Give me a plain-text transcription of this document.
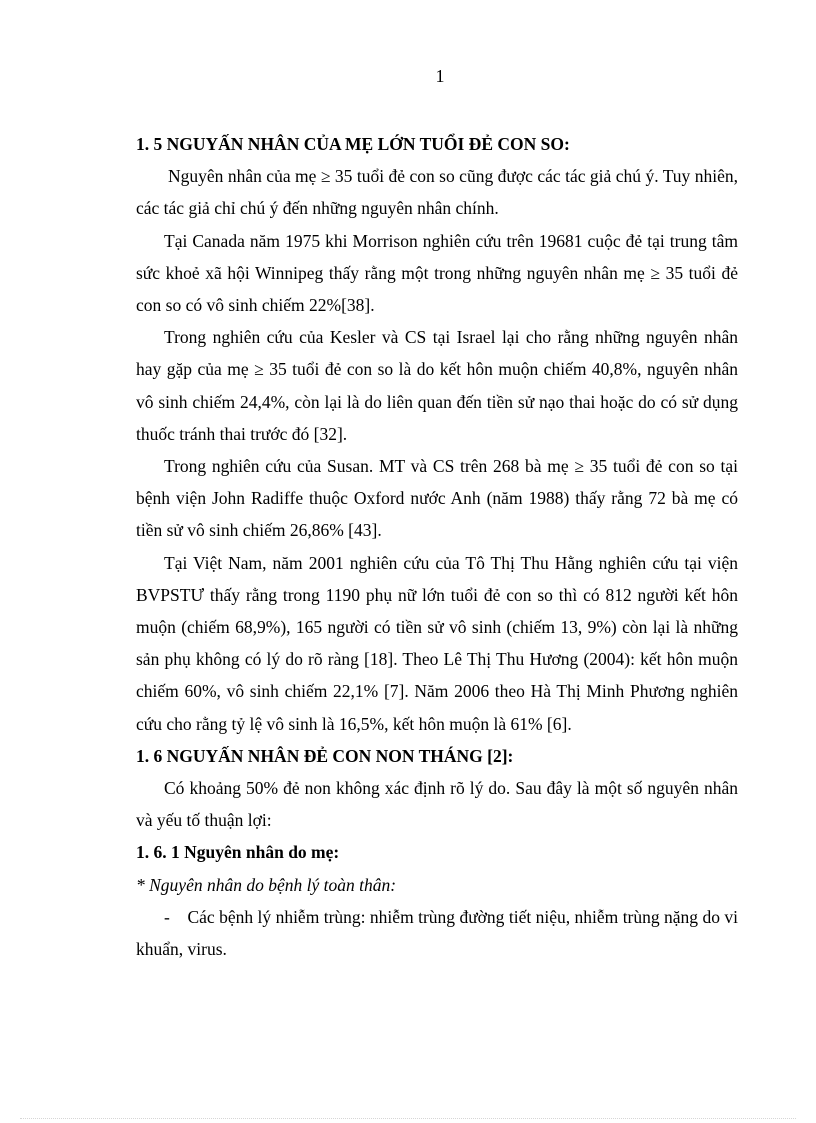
1

1. 5 NGUYẤN NHÂN CỦA MẸ LỚN TUỔI ĐẺ CON SO:

Nguyên nhân của mẹ ≥ 35 tuổi đẻ con so cũng được các tác giả chú ý. Tuy nhiên, các tác giả chỉ chú ý đến những nguyên nhân chính.

Tại Canada năm 1975 khi Morrison nghiên cứu trên 19681 cuộc đẻ tại trung tâm sức khoẻ xã hội Winnipeg thấy rằng một trong những nguyên nhân mẹ ≥ 35 tuổi đẻ con so có vô sinh chiếm 22%[38].

Trong nghiên cứu của Kesler và CS tại Israel lại cho rằng những nguyên nhân hay gặp của mẹ ≥ 35 tuổi đẻ con so là do kết hôn muộn chiếm 40,8%, nguyên nhân vô sinh chiếm 24,4%, còn lại là do liên quan đến tiền sử nạo thai hoặc do có sử dụng thuốc tránh thai trước đó [32].

Trong nghiên cứu của Susan. MT và CS trên 268 bà mẹ ≥ 35 tuổi đẻ con so tại bệnh viện John Radiffe thuộc Oxford nước Anh (năm 1988) thấy rằng 72 bà mẹ có tiền sử vô sinh chiếm 26,86% [43].

Tại Việt Nam, năm 2001 nghiên cứu của Tô Thị Thu Hằng nghiên cứu tại viện BVPSTƯ thấy rằng trong 1190 phụ nữ lớn tuổi đẻ con so thì có 812 người kết hôn muộn (chiếm 68,9%), 165 người có tiền sử vô sinh (chiếm 13, 9%) còn lại là những sản phụ không có lý do rõ ràng [18]. Theo Lê Thị Thu Hương (2004): kết hôn muộn chiếm 60%, vô sinh chiếm 22,1% [7]. Năm 2006 theo Hà Thị Minh Phương nghiên cứu cho rằng tỷ lệ vô sinh là 16,5%, kết hôn muộn là 61% [6].

1. 6 NGUYẤN NHÂN ĐẺ CON NON THÁNG [2]:

Có khoảng 50% đẻ non không xác định rõ lý do. Sau đây là một số nguyên nhân và yếu tố thuận lợi:

1. 6. 1 Nguyên nhân do mẹ:

* Nguyên nhân do bệnh lý toàn thân:

- Các bệnh lý nhiễm trùng: nhiễm trùng đường tiết niệu, nhiễm trùng nặng do vi khuẩn, virus.
